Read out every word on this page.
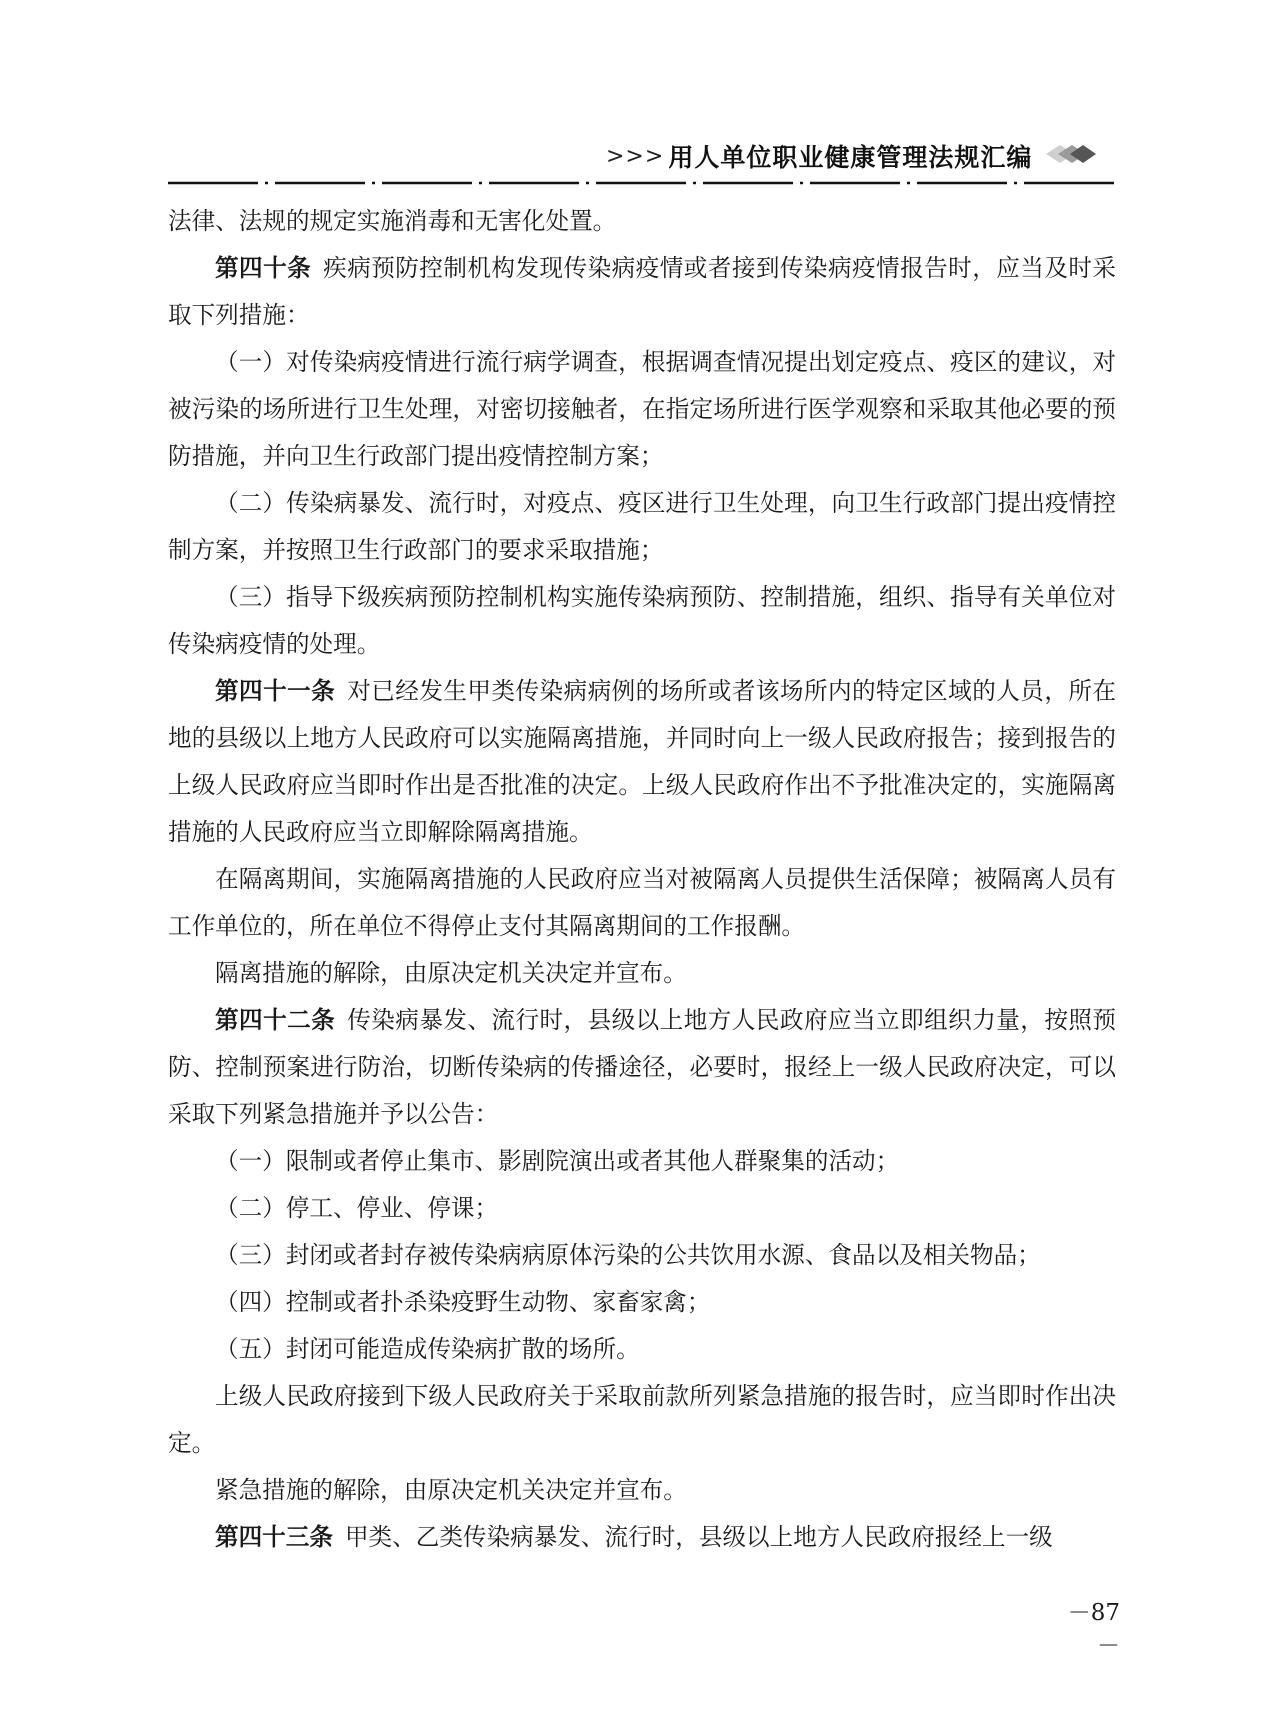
>>> 用人单位职业健康管理法规汇编

法律、法规的规定实施消毒和无害化处置。

第四十条 疾病预防控制机构发现传染病疫情或者接到传染病疫情报告时，应当及时采取下列措施：

（一）对传染病疫情进行流行病学调查，根据调查情况提出划定疫点、疫区的建议，对被污染的场所进行卫生处理，对密切接触者，在指定场所进行医学观察和采取其他必要的预防措施，并向卫生行政部门提出疫情控制方案；

（二）传染病暴发、流行时，对疫点、疫区进行卫生处理，向卫生行政部门提出疫情控制方案，并按照卫生行政部门的要求采取措施；

（三）指导下级疾病预防控制机构实施传染病预防、控制措施，组织、指导有关单位对传染病疫情的处理。

第四十一条 对已经发生甲类传染病病例的场所或者该场所内的特定区域的人员，所在地的县级以上地方人民政府可以实施隔离措施，并同时向上一级人民政府报告；接到报告的上级人民政府应当即时作出是否批准的决定。上级人民政府作出不予批准决定的，实施隔离措施的人民政府应当立即解除隔离措施。

在隔离期间，实施隔离措施的人民政府应当对被隔离人员提供生活保障；被隔离人员有工作单位的，所在单位不得停止支付其隔离期间的工作报酬。

隔离措施的解除，由原决定机关决定并宣布。

第四十二条 传染病暴发、流行时，县级以上地方人民政府应当立即组织力量，按照预防、控制预案进行防治，切断传染病的传播途径，必要时，报经上一级人民政府决定，可以采取下列紧急措施并予以公告：

（一）限制或者停止集市、影剧院演出或者其他人群聚集的活动；

（二）停工、停业、停课；

（三）封闭或者封存被传染病病原体污染的公共饮用水源、食品以及相关物品；

（四）控制或者扑杀染疫野生动物、家畜家禽；

（五）封闭可能造成传染病扩散的场所。

上级人民政府接到下级人民政府关于采取前款所列紧急措施的报告时，应当即时作出决定。

紧急措施的解除，由原决定机关决定并宣布。

第四十三条 甲类、乙类传染病暴发、流行时，县级以上地方人民政府报经上一级

－87－
